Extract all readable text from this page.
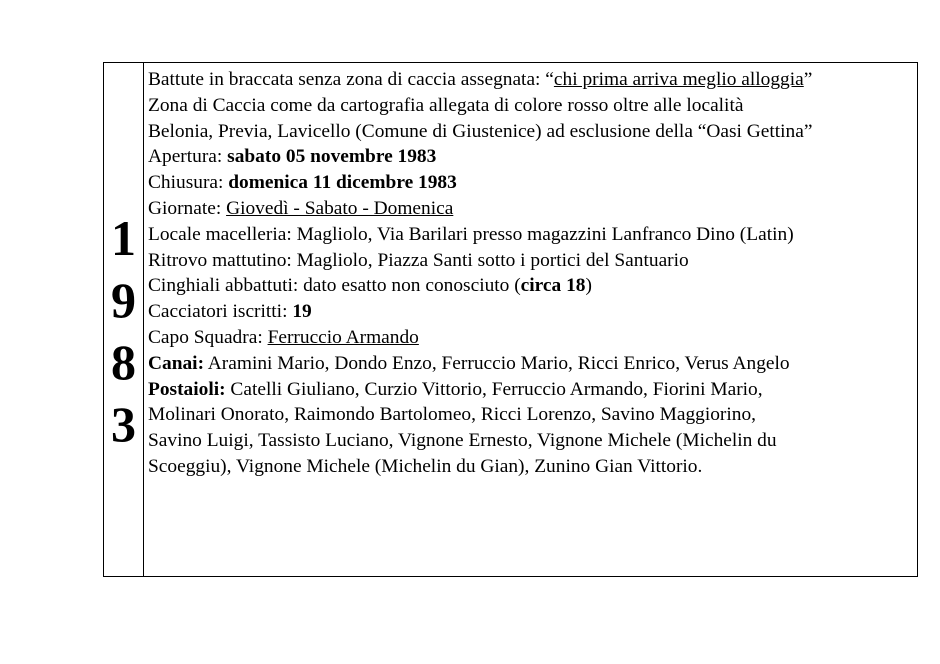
1
9
8
3
Battute in braccata senza zona di caccia assegnata: “chi prima arriva meglio alloggia”
Zona di Caccia come da cartografia allegata di colore rosso oltre alle località
Belonia, Previa, Lavicello (Comune di Giustenice) ad esclusione della “Oasi Gettina”
Apertura: sabato 05 novembre 1983
Chiusura: domenica 11 dicembre 1983
Giornate: Giovedì - Sabato - Domenica
Locale macelleria: Magliolo, Via Barilari presso magazzini Lanfranco Dino (Latin)
Ritrovo mattutino: Magliolo, Piazza Santi sotto i portici del Santuario
Cinghiali abbattuti: dato esatto non conosciuto (circa 18)
Cacciatori iscritti: 19
Capo Squadra: Ferruccio Armando
Canai: Aramini Mario, Dondo Enzo, Ferruccio Mario, Ricci Enrico, Verus Angelo
Postaioli: Catelli Giuliano, Curzio Vittorio, Ferruccio Armando, Fiorini Mario,
Molinari Onorato, Raimondo Bartolomeo, Ricci Lorenzo, Savino Maggiorino,
Savino Luigi, Tassisto Luciano, Vignone Ernesto, Vignone Michele (Michelin du
Scoeggiu), Vignone Michele (Michelin du Gian), Zunino Gian Vittorio.
